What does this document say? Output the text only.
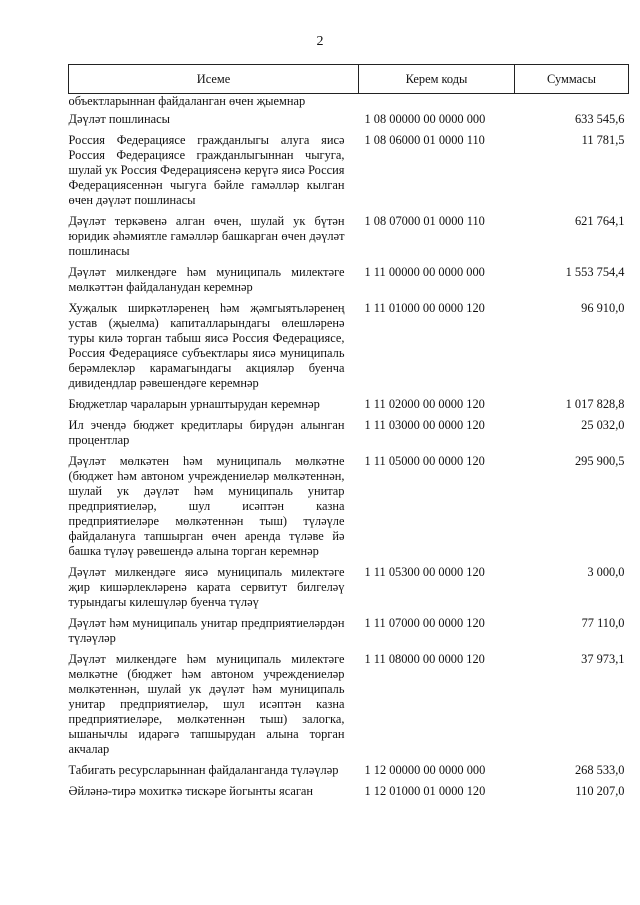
2
Исеме	Керем коды	Суммасы
объектларыннан файдаланган өчен җыемнар		
Дәүләт пошлинасы	1 08 00000 00 0000 000	633 545,6
Россия Федерациясе гражданлыгы алуга яисә Россия Федерациясе гражданлыгыннан чыгуга, шулай ук Россия Федерациясенә керүгә яисә Россия Федерациясеннән чыгуга бәйле гамәлләр кылган өчен дәүләт пошлинасы	1 08 06000 01 0000 110	11 781,5
Дәүләт теркәвенә алган өчен, шулай ук бүтән юридик әһәмиятле гамәлләр башкарган өчен дәүләт пошлинасы	1 08 07000 01 0000 110	621 764,1
Дәүләт милкендәге һәм муниципаль милектәге мөлкәттән файдаланудан керемнәр	1 11 00000 00 0000 000	1 553 754,4
Хуҗалык ширкәтләренең һәм җәмгыятьләренең устав (җыелма) капиталларындагы өлешләренә туры килә торган табыш яисә Россия Федерациясе, Россия Федерациясе субъектлары яисә муниципаль берәмлекләр карамагындагы акцияләр буенча дивидендлар рәвешендәге керемнәр	1 11 01000 00 0000 120	96 910,0
Бюджетлар чараларын урнаштырудан керемнәр	1 11 02000 00 0000 120	1 017 828,8
Ил эчендә бюджет кредитлары бирүдән алынган процентлар	1 11 03000 00 0000 120	25 032,0
Дәүләт мөлкәтен һәм муниципаль мөлкәтне (бюджет һәм автоном учреждениеләр мөлкәтеннән, шулай ук дәүләт һәм муниципаль унитар предприятиеләр, шул исәптән казна предприятиеләре мөлкәтеннән тыш) түләүле файдалануга тапшырган өчен аренда түләве йә башка түләү рәвешендә алына торган керемнәр	1 11 05000 00 0000 120	295 900,5
Дәүләт милкендәге яисә муниципаль милектәге җир кишәрлекләренә карата сервитут билгеләү турындагы килешүләр буенча түләү	1 11 05300 00 0000 120	3 000,0
Дәүләт һәм муниципаль унитар предприятиеләрдән түләүләр	1 11 07000 00 0000 120	77 110,0
Дәүләт милкендәге һәм муниципаль милектәге мөлкәтне (бюджет һәм автоном учреждениеләр мөлкәтеннән, шулай ук дәүләт һәм муниципаль унитар предприятиеләр, шул исәптән казна предприятиеләре, мөлкәтеннән тыш) залогка, ышанычлы идарәгә тапшырудан алына торган акчалар	1 11 08000 00 0000 120	37 973,1
Табигать ресурсларыннан файдаланганда түләүләр	1 12 00000 00 0000 000	268 533,0
Әйләнә-тирә мохиткә тискәре йогынты ясаган	1 12 01000 01 0000 120	110 207,0
